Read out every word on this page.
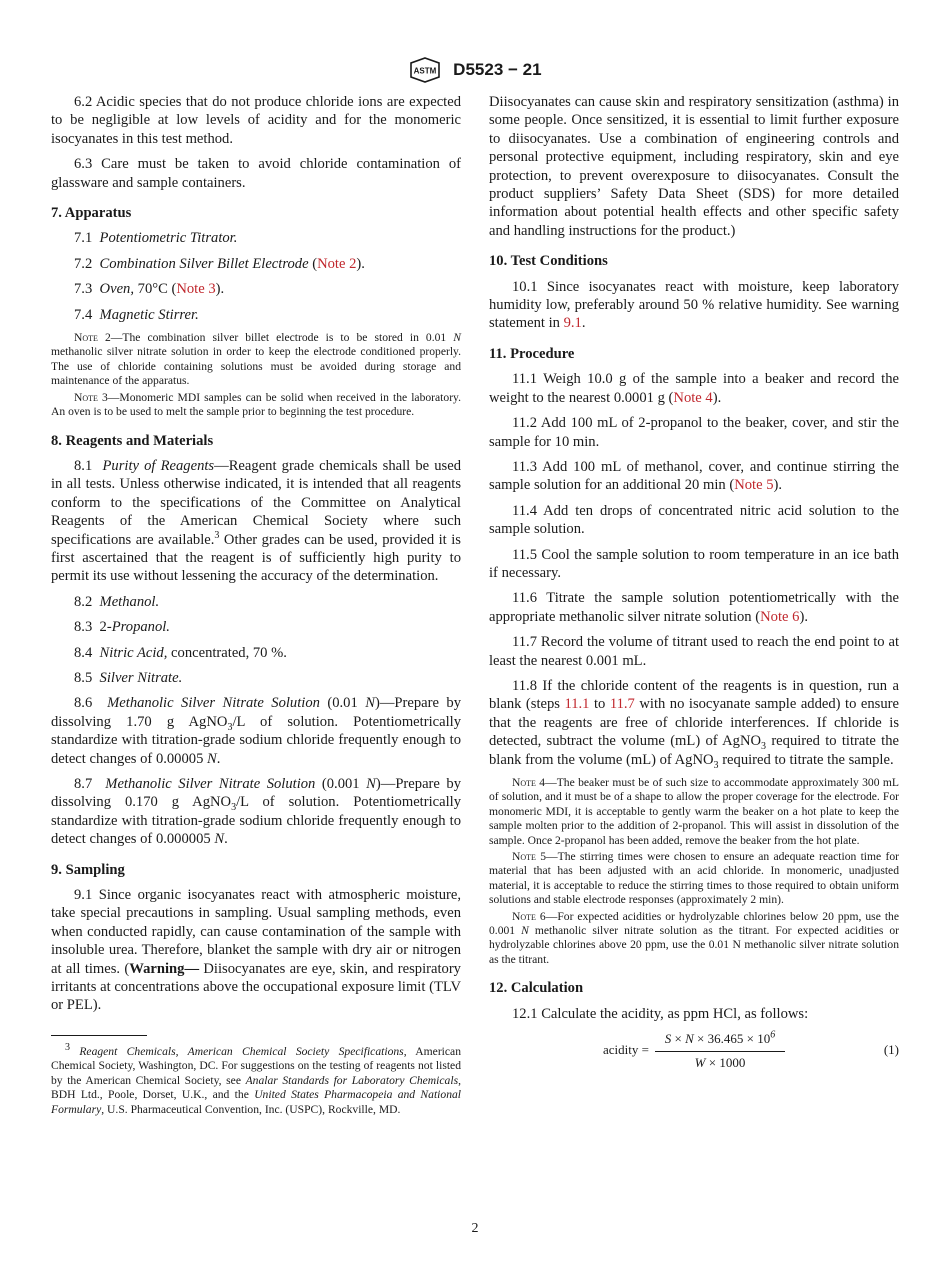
ASTM D5523 − 21

6.2 Acidic species that do not produce chloride ions are expected to be negligible at low levels of acidity and for the monomeric isocyanates in this test method.

6.3 Care must be taken to avoid chloride contamination of glassware and sample containers.

7. Apparatus

7.1 Potentiometric Titrator.

7.2 Combination Silver Billet Electrode (Note 2).

7.3 Oven, 70°C (Note 3).

7.4 Magnetic Stirrer.

Note 2—The combination silver billet electrode is to be stored in 0.01 N methanolic silver nitrate solution in order to keep the electrode conditioned properly. The use of chloride containing solutions must be avoided during storage and maintenance of the apparatus.

Note 3—Monomeric MDI samples can be solid when received in the laboratory. An oven is to be used to melt the sample prior to beginning the test procedure.

8. Reagents and Materials

8.1 Purity of Reagents—Reagent grade chemicals shall be used in all tests. Unless otherwise indicated, it is intended that all reagents conform to the specifications of the Committee on Analytical Reagents of the American Chemical Society where such specifications are available.$^3$ Other grades can be used, provided it is first ascertained that the reagent is of sufficiently high purity to permit its use without lessening the accuracy of the determination.

8.2 Methanol.

8.3 2-Propanol.

8.4 Nitric Acid, concentrated, 70 %.

8.5 Silver Nitrate.

8.6 Methanolic Silver Nitrate Solution (0.01 N)—Prepare by dissolving 1.70 g AgNO$_3$/L of solution. Potentiometrically standardize with titration-grade sodium chloride frequently enough to detect changes of 0.00005 N.

8.7 Methanolic Silver Nitrate Solution (0.001 N)—Prepare by dissolving 0.170 g AgNO$_3$/L of solution. Potentiometrically standardize with titration-grade sodium chloride frequently enough to detect changes of 0.000005 N.

9. Sampling

9.1 Since organic isocyanates react with atmospheric moisture, take special precautions in sampling. Usual sampling methods, even when conducted rapidly, can cause contamination of the sample with insoluble urea. Therefore, blanket the sample with dry air or nitrogen at all times. (Warning— Diisocyanates are eye, skin, and respiratory irritants at concentrations above the occupational exposure limit (TLV or PEL).

$^3$ Reagent Chemicals, American Chemical Society Specifications, American Chemical Society, Washington, DC. For suggestions on the testing of reagents not listed by the American Chemical Society, see Analar Standards for Laboratory Chemicals, BDH Ltd., Poole, Dorset, U.K., and the United States Pharmacopeia and National Formulary, U.S. Pharmaceutical Convention, Inc. (USPC), Rockville, MD.

Diisocyanates can cause skin and respiratory sensitization (asthma) in some people. Once sensitized, it is essential to limit further exposure to diisocyanates. Use a combination of engineering controls and personal protective equipment, including respiratory, skin and eye protection, to prevent overexposure to diisocyanates. Consult the product suppliers’ Safety Data Sheet (SDS) for more detailed information about potential health effects and other specific safety and handling instructions for the product.)

10. Test Conditions

10.1 Since isocyanates react with moisture, keep laboratory humidity low, preferably around 50 % relative humidity. See warning statement in 9.1.

11. Procedure

11.1 Weigh 10.0 g of the sample into a beaker and record the weight to the nearest 0.0001 g (Note 4).

11.2 Add 100 mL of 2-propanol to the beaker, cover, and stir the sample for 10 min.

11.3 Add 100 mL of methanol, cover, and continue stirring the sample solution for an additional 20 min (Note 5).

11.4 Add ten drops of concentrated nitric acid solution to the sample solution.

11.5 Cool the sample solution to room temperature in an ice bath if necessary.

11.6 Titrate the sample solution potentiometrically with the appropriate methanolic silver nitrate solution (Note 6).

11.7 Record the volume of titrant used to reach the end point to at least the nearest 0.001 mL.

11.8 If the chloride content of the reagents is in question, run a blank (steps 11.1 to 11.7 with no isocyanate sample added) to ensure that the reagents are free of chloride interferences. If chloride is detected, subtract the volume (mL) of AgNO$_3$ required to titrate the blank from the volume (mL) of AgNO$_3$ required to titrate the sample.

Note 4—The beaker must be of such size to accommodate approximately 300 mL of solution, and it must be of a shape to allow the proper coverage for the electrode. For monomeric MDI, it is acceptable to gently warm the beaker on a hot plate to keep the sample molten prior to the addition of 2-propanol. This will assist in dissolution of the sample. Once 2-propanol has been added, remove the beaker from the hot plate.

Note 5—The stirring times were chosen to ensure an adequate reaction time for material that has been adjusted with an acid chloride. In monomeric, unadjusted material, it is acceptable to reduce the stirring times to those required to obtain uniform solutions and stable electrode responses (approximately 2 min).

Note 6—For expected acidities or hydrolyzable chlorines below 20 ppm, use the 0.001 N methanolic silver nitrate solution as the titrant. For expected acidities or hydrolyzable chlorines above 20 ppm, use the 0.01 N methanolic silver nitrate solution as the titrant.

12. Calculation

12.1 Calculate the acidity, as ppm HCl, as follows:

acidity = $\frac{S \times N \times 36.465 \times 10^6}{W \times 1000}$	(1)
2
